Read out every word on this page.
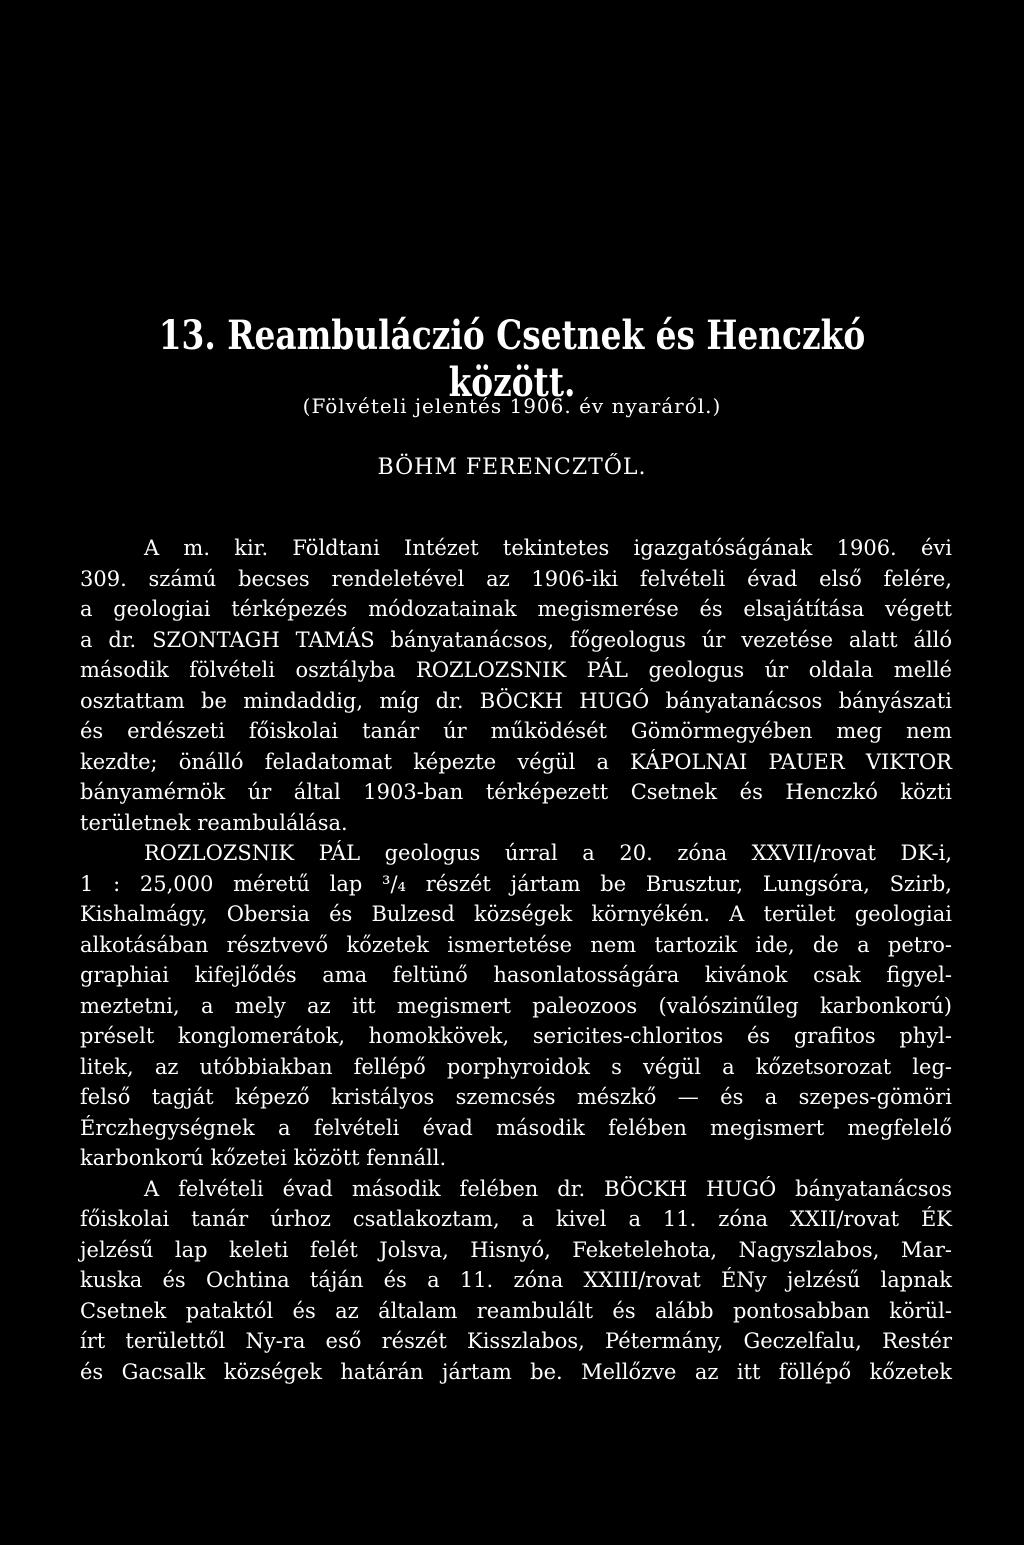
13. Reambuláczió Csetnek és Henczkó között.
(Fölvételi jelentés 1906. év nyaráról.)
BÖHM FERENCZTŐL.
A m. kir. Földtani Intézet tekintetes igazgatóságának 1906. évi
309. számú becses rendeletével az 1906-iki felvételi évad első felére,
a geologiai térképezés módozatainak megismerése és elsajátítása végett
a dr. SZONTAGH TAMÁS bányatanácsos, főgeologus úr vezetése alatt álló
második fölvételi osztályba ROZLOZSNIK PÁL geologus úr oldala mellé
osztattam be mindaddig, míg dr. BÖCKH HUGÓ bányatanácsos bányászati
és erdészeti főiskolai tanár úr működését Gömörmegyében meg nem
kezdte; önálló feladatomat képezte végül a KÁPOLNAI PAUER VIKTOR
bányamérnök úr által 1903-ban térképezett Csetnek és Henczkó közti
területnek reambulálása.
ROZLOZSNIK PÁL geologus úrral a 20. zóna XXVII/rovat DK-i,
1 : 25,000 méretű lap ³/₄ részét jártam be Brusztur, Lungsóra, Szirb,
Kishalmágy, Obersia és Bulzesd községek környékén. A terület geologiai
alkotásában résztvevő kőzetek ismertetése nem tartozik ide, de a petro-
graphiai kifejlődés ama feltünő hasonlatosságára kivánok csak figyel-
meztetni, a mely az itt megismert paleozoos (valószinűleg karbonkorú)
préselt konglomerátok, homokkövek, sericites-chloritos és grafitos phyl-
litek, az utóbbiakban fellépő porphyroidok s végül a kőzetsorozat leg-
felső tagját képező kristályos szemcsés mészkő — és a szepes-gömöri
Érczhegységnek a felvételi évad második felében megismert megfelelő
karbonkorú kőzetei között fennáll.
A felvételi évad második felében dr. BÖCKH HUGÓ bányatanácsos
főiskolai tanár úrhoz csatlakoztam, a kivel a 11. zóna XXII/rovat ÉK
jelzésű lap keleti felét Jolsva, Hisnyó, Feketelehota, Nagyszlabos, Mar-
kuska és Ochtina táján és a 11. zóna XXIII/rovat ÉNy jelzésű lapnak
Csetnek pataktól és az általam reambulált és alább pontosabban körül-
írt területtől Ny-ra eső részét Kisszlabos, Pétermány, Geczelfalu, Restér
és Gacsalk községek határán jártam be. Mellőzve az itt föllépő kőzetek
